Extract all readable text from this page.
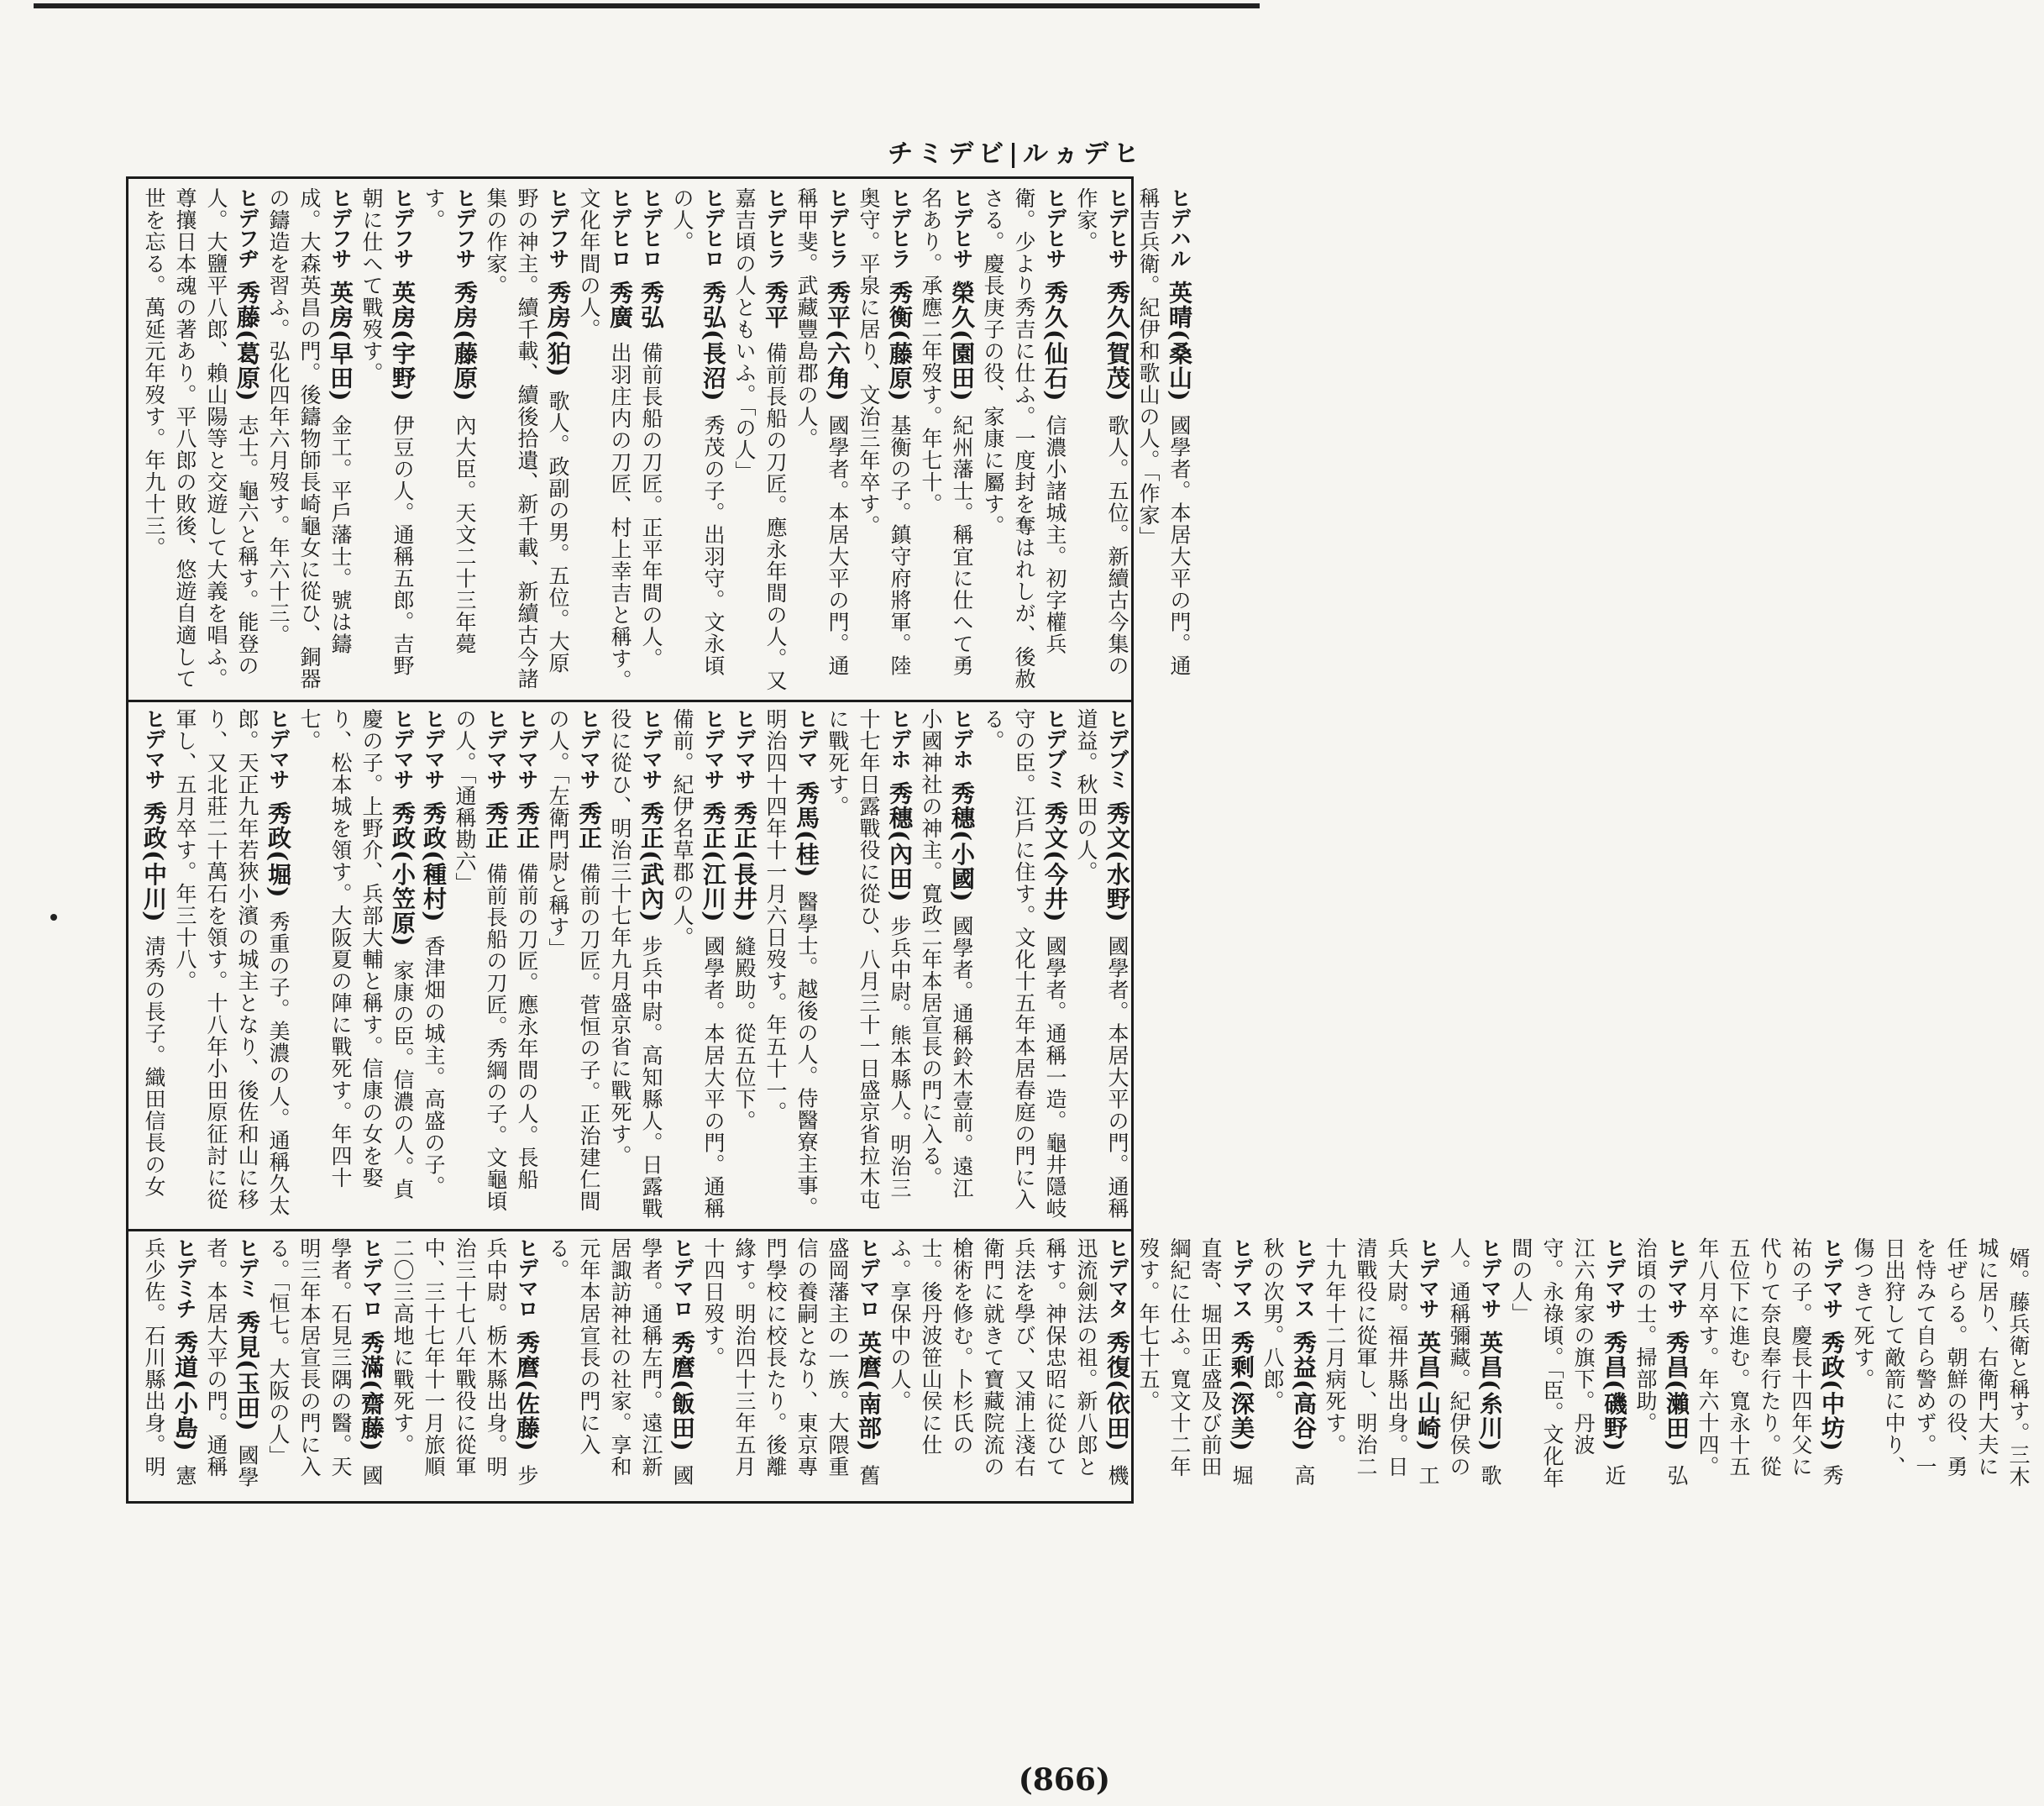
チミデビ|ルヵデヒ
ヒデハル 英晴(桑山) 國學者。本居大平の門。通稱吉兵衛。紀伊和歌山の人。「作家」
ヒデヒサ 秀久(賀茂) 歌人。五位。新續古今集の作家。
ヒデヒサ 秀久(仙石) 信濃小諸城主。初字權兵衛。少より秀吉に仕ふ。一度封を奪はれしが、後赦さる。慶長庚子の役、家康に屬す。
ヒデヒサ 榮久(園田) 紀州藩士。稱宜に仕へて勇名あり。承應二年歿す。年七十。
ヒデヒラ 秀衡(藤原) 基衡の子。鎮守府將軍。陸奥守。平泉に居り、文治三年卒す。
ヒデヒラ 秀平(六角) 國學者。本居大平の門。通稱甲斐。武藏豐島郡の人。
ヒデヒラ 秀平 備前長船の刀匠。應永年間の人。又嘉吉頃の人ともいふ。「の人」
ヒデヒロ 秀弘(長沼) 秀茂の子。出羽守。文永頃の人。
ヒデヒロ 秀弘 備前長船の刀匠。正平年間の人。
ヒデヒロ 秀廣 出羽庄内の刀匠、村上幸吉と稱す。文化年間の人。
ヒデフサ 秀房(狛) 歌人。政副の男。五位。大原野の神主。續千載、續後拾遺、新千載、新續古今諸集の作家。
ヒデフサ 秀房(藤原) 內大臣。天文二十三年薨す。
ヒデフサ 英房(宇野) 伊豆の人。通稱五郎。吉野朝に仕へて戰歿す。
ヒデフサ 英房(早田) 金工。平戶藩士。號は鑄成。大森英昌の門。後鑄物師長崎龜女に從ひ、銅器の鑄造を習ふ。弘化四年六月歿す。年六十三。
ヒデフヂ 秀藤(葛原) 志士。龜六と稱す。能登の人。大鹽平八郎、賴山陽等と交遊して大義を唱ふ。尊攘日本魂の著あり。平八郎の敗後、悠遊自適して世を忘る。萬延元年歿す。年九十三。
ヒデブミ 秀文(水野) 國學者。本居大平の門。通稱道益。秋田の人。
ヒデブミ 秀文(今井) 國學者。通稱一造。龜井隱岐守の臣。江戶に住す。文化十五年本居春庭の門に入る。
ヒデホ 秀穗(小國) 國學者。通稱鈴木壹前。遠江小國神社の神主。寬政二年本居宣長の門に入る。
ヒデホ 秀穗(內田) 步兵中尉。熊本縣人。明治三十七年日露戰役に從ひ、八月三十一日盛京省拉木屯に戰死す。
ヒデマ 秀馬(桂) 醫學士。越後の人。侍醫寮主事。明治四十四年十一月六日歿す。年五十一。
ヒデマサ 秀正(長井) 縫殿助。從五位下。
ヒデマサ 秀正(江川) 國學者。本居大平の門。通稱備前。紀伊名草郡の人。
ヒデマサ 秀正(武內) 步兵中尉。高知縣人。日露戰役に從ひ、明治三十七年九月盛京省に戰死す。
ヒデマサ 秀正 備前の刀匠。菅恒の子。正治建仁間の人。「左衛門尉と稱す」
ヒデマサ 秀正 備前の刀匠。應永年間の人。長船
ヒデマサ 秀正 備前長船の刀匠。秀綱の子。文龜頃の人。「通稱勘六」
ヒデマサ 秀政(種村) 香津畑の城主。高盛の子。
ヒデマサ 秀政(小笠原) 家康の臣。信濃の人。貞慶の子。上野介、兵部大輔と稱す。信康の女を娶り、松本城を領す。大阪夏の陣に戰死す。年四十七。
ヒデマサ 秀政(堀) 秀重の子。美濃の人。通稱久太郎。天正九年若狹小濱の城主となり、後佐和山に移り、又北莊二十萬石を領す。十八年小田原征討に從軍し、五月卒す。年三十八。
ヒデマサ 秀政(中川) 淸秀の長子。織田信長の女
婿。藤兵衛と稱す。三木城に居り、右衛門大夫に任ぜらる。朝鮮の役、勇を恃みて自ら警めず。一日出狩して敵箭に中り、傷つきて死す。
ヒデマサ 秀政(中坊) 秀祐の子。慶長十四年父に代りて奈良奉行たり。從五位下に進む。寬永十五年八月卒す。年六十四。
ヒデマサ 秀昌(瀨田) 弘治頃の士。掃部助。
ヒデマサ 秀昌(磯野) 近江六角家の旗下。丹波守。永祿頃。「臣。文化年間の人」
ヒデマサ 英昌(糸川) 歌人。通稱彌藏。紀伊侯の
ヒデマサ 英昌(山崎) 工兵大尉。福井縣出身。日清戰役に從軍し、明治二十九年十二月病死す。
ヒデマス 秀益(高谷) 高秋の次男。八郎。
ヒデマス 秀剩(深美) 堀直寄、堀田正盛及び前田綱紀に仕ふ。寬文十二年歿す。年七十五。
ヒデマタ 秀復(依田) 機迅流劍法の祖。新八郎と稱す。神保忠昭に從ひて兵法を學び、又浦上淺右衛門に就きて寶藏院流の槍術を修む。卜杉氏の士。後丹波笹山侯に仕ふ。享保中の人。
ヒデマロ 英麿(南部) 舊盛岡藩主の一族。大隈重信の養嗣となり、東京專門學校に校長たり。後離緣す。明治四十三年五月十四日歿す。
ヒデマロ 秀麿(飯田) 國學者。通稱左門。遠江新居諏訪神社の社家。享和元年本居宣長の門に入る。
ヒデマロ 秀麿(佐藤) 步兵中尉。栃木縣出身。明治三十七八年戰役に從軍中、三十七年十一月旅順二〇三高地に戰死す。
ヒデマロ 秀滿(齋藤) 國學者。石見三隅の醫。天明三年本居宣長の門に入る。「恒七。大阪の人」
ヒデミ 秀見(玉田) 國學者。本居大平の門。通稱
ヒデミチ 秀道(小島) 憲兵少佐。石川縣出身。明
(866)
